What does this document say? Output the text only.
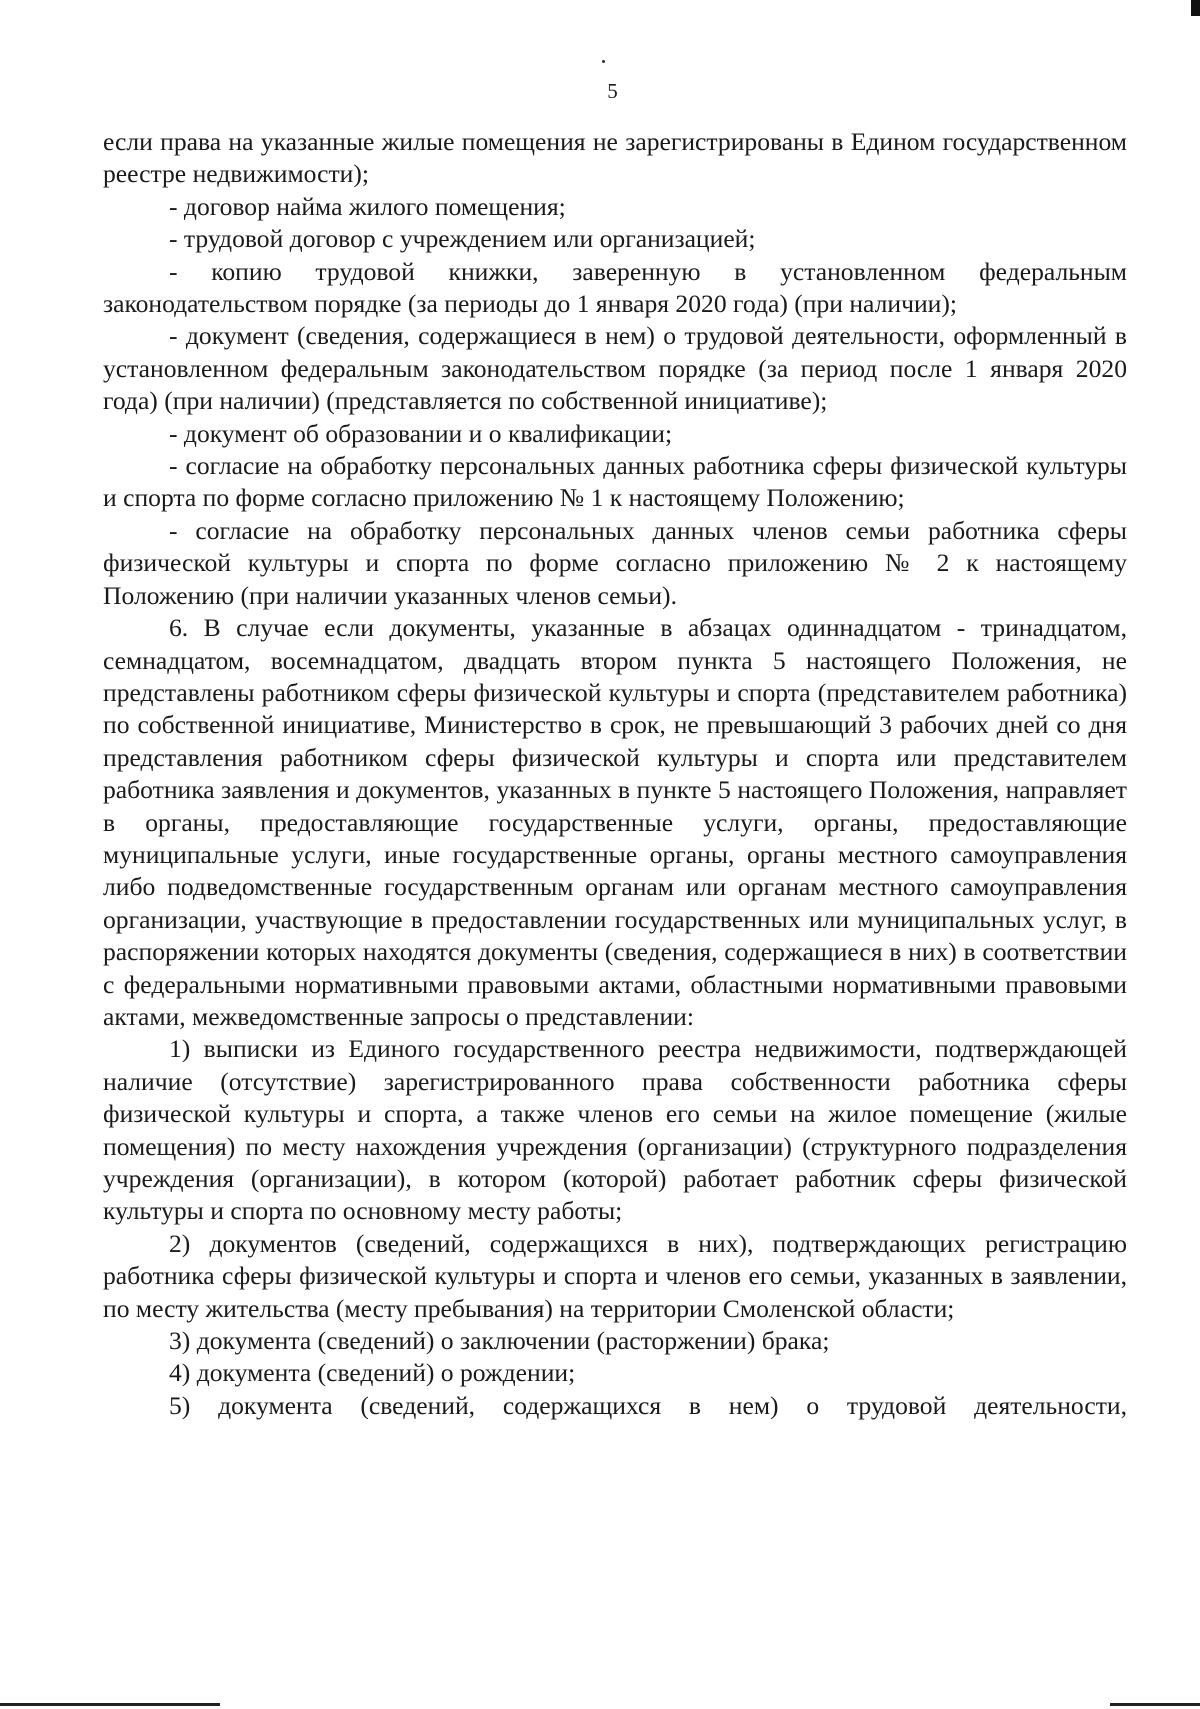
5

если права на указанные жилые помещения не зарегистрированы в Едином государственном реестре недвижимости);

- договор найма жилого помещения;

- трудовой договор с учреждением или организацией;

- копию трудовой книжки, заверенную в установленном федеральным законодательством порядке (за периоды до 1 января 2020 года) (при наличии);

- документ (сведения, содержащиеся в нем) о трудовой деятельности, оформленный в установленном федеральным законодательством порядке (за период после 1 января 2020 года) (при наличии) (представляется по собственной инициативе);

- документ об образовании и о квалификации;

- согласие на обработку персональных данных работника сферы физической культуры и спорта по форме согласно приложению № 1 к настоящему Положению;

- согласие на обработку персональных данных членов семьи работника сферы физической культуры и спорта по форме согласно приложению № 2 к настоящему Положению (при наличии указанных членов семьи).

6. В случае если документы, указанные в абзацах одиннадцатом - тринадцатом, семнадцатом, восемнадцатом, двадцать втором пункта 5 настоящего Положения, не представлены работником сферы физической культуры и спорта (представителем работника) по собственной инициативе, Министерство в срок, не превышающий 3 рабочих дней со дня представления работником сферы физической культуры и спорта или представителем работника заявления и документов, указанных в пункте 5 настоящего Положения, направляет в органы, предоставляющие государственные услуги, органы, предоставляющие муниципальные услуги, иные государственные органы, органы местного самоуправления либо подведомственные государственным органам или органам местного самоуправления организации, участвующие в предоставлении государственных или муниципальных услуг, в распоряжении которых находятся документы (сведения, содержащиеся в них) в соответствии с федеральными нормативными правовыми актами, областными нормативными правовыми актами, межведомственные запросы о представлении:

1) выписки из Единого государственного реестра недвижимости, подтверждающей наличие (отсутствие) зарегистрированного права собственности работника сферы физической культуры и спорта, а также членов его семьи на жилое помещение (жилые помещения) по месту нахождения учреждения (организации) (структурного подразделения учреждения (организации), в котором (которой) работает работник сферы физической культуры и спорта по основному месту работы;

2) документов (сведений, содержащихся в них), подтверждающих регистрацию работника сферы физической культуры и спорта и членов его семьи, указанных в заявлении, по месту жительства (месту пребывания) на территории Смоленской области;

3) документа (сведений) о заключении (расторжении) брака;

4) документа (сведений) о рождении;

5) документа (сведений, содержащихся в нем) о трудовой деятельности,
